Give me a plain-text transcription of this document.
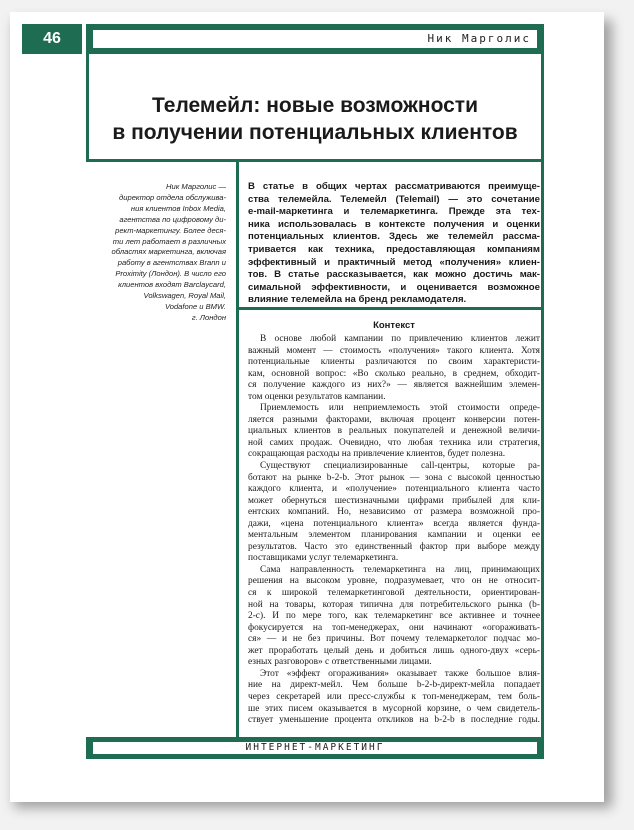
46	Ник Марголис
Телемейл: новые возможности
в получении потенциальных клиентов
Ник Марголис —
директор отдела обслужива-
ния клиентов Inbox Media,
агентства по цифровому ди-
рект-маркетингу. Более деся-
ти лет работает в различных
областях маркетинга, включая
работу в агентствах Brann и
Proximity (Лондон). В число его
клиентов входят Barclaycard,
Volkswagen, Royal Mail,
Vodafone и BMW.
г. Лондон
В статье в общих чертах рассматриваются преимуще-
ства телемейла. Телемейл (Telemail) — это сочетание
e-mail-маркетинга и телемаркетинга. Прежде эта тех-
ника использовалась в контексте получения и оценки
потенциальных клиентов. Здесь же телемейл рассма-
тривается как техника, предоставляющая компаниям
эффективный и практичный метод «получения» клиен-
тов. В статье рассказывается, как можно достичь мак-
симальной эффективности, и оценивается возможное
влияние телемейла на бренд рекламодателя.
Контекст
В основе любой кампании по привлечению клиентов лежит
важный момент — стоимость «получения» такого клиента. Хотя
потенциальные клиенты различаются по своим характеристи-
кам, основной вопрос: «Во сколько реально, в среднем, обходит-
ся получение каждого из них?» — является важнейшим элемен-
том оценки результатов кампании.
Приемлемость или неприемлемость этой стоимости опреде-
ляется разными факторами, включая процент конверсии потен-
циальных клиентов в реальных покупателей и денежной величи-
ной самих продаж. Очевидно, что любая техника или стратегия,
сокращающая расходы на привлечение клиентов, будет полезна.
Существуют специализированные call-центры, которые ра-
ботают на рынке b-2-b. Этот рынок — зона с высокой ценностью
каждого клиента, и «получение» потенциального клиента часто
может обернуться шестизначными цифрами прибылей для кли-
ентских компаний. Но, независимо от размера возможной про-
дажи, «цена потенциального клиента» всегда является фунда-
ментальным элементом планирования кампании и оценки ее
результатов. Часто это единственный фактор при выборе между
поставщиками услуг телемаркетинга.
Сама направленность телемаркетинга на лиц, принимающих
решения на высоком уровне, подразумевает, что он не относит-
ся к широкой телемаркетинговой деятельности, ориентирован-
ной на товары, которая типична для потребительского рынка (b-
2-c). И по мере того, как телемаркетинг все активнее и точнее
фокусируется на топ-менеджерах, они начинают «огораживать-
ся» — и не без причины. Вот почему телемаркетолог подчас мо-
жет проработать целый день и добиться лишь одного-двух «серь-
езных разговоров» с ответственными лицами.
Этот «эффект огораживания» оказывает также большое влия-
ние на директ-мейл. Чем больше b-2-b-директ-мейла попадает
через секретарей или пресс-службы к топ-менеджерам, тем боль-
ше этих писем оказывается в мусорной корзине, о чем свидетель-
ствует уменьшение процента откликов на b-2-b в последние годы.
ИНТЕРНЕТ-МАРКЕТИНГ
